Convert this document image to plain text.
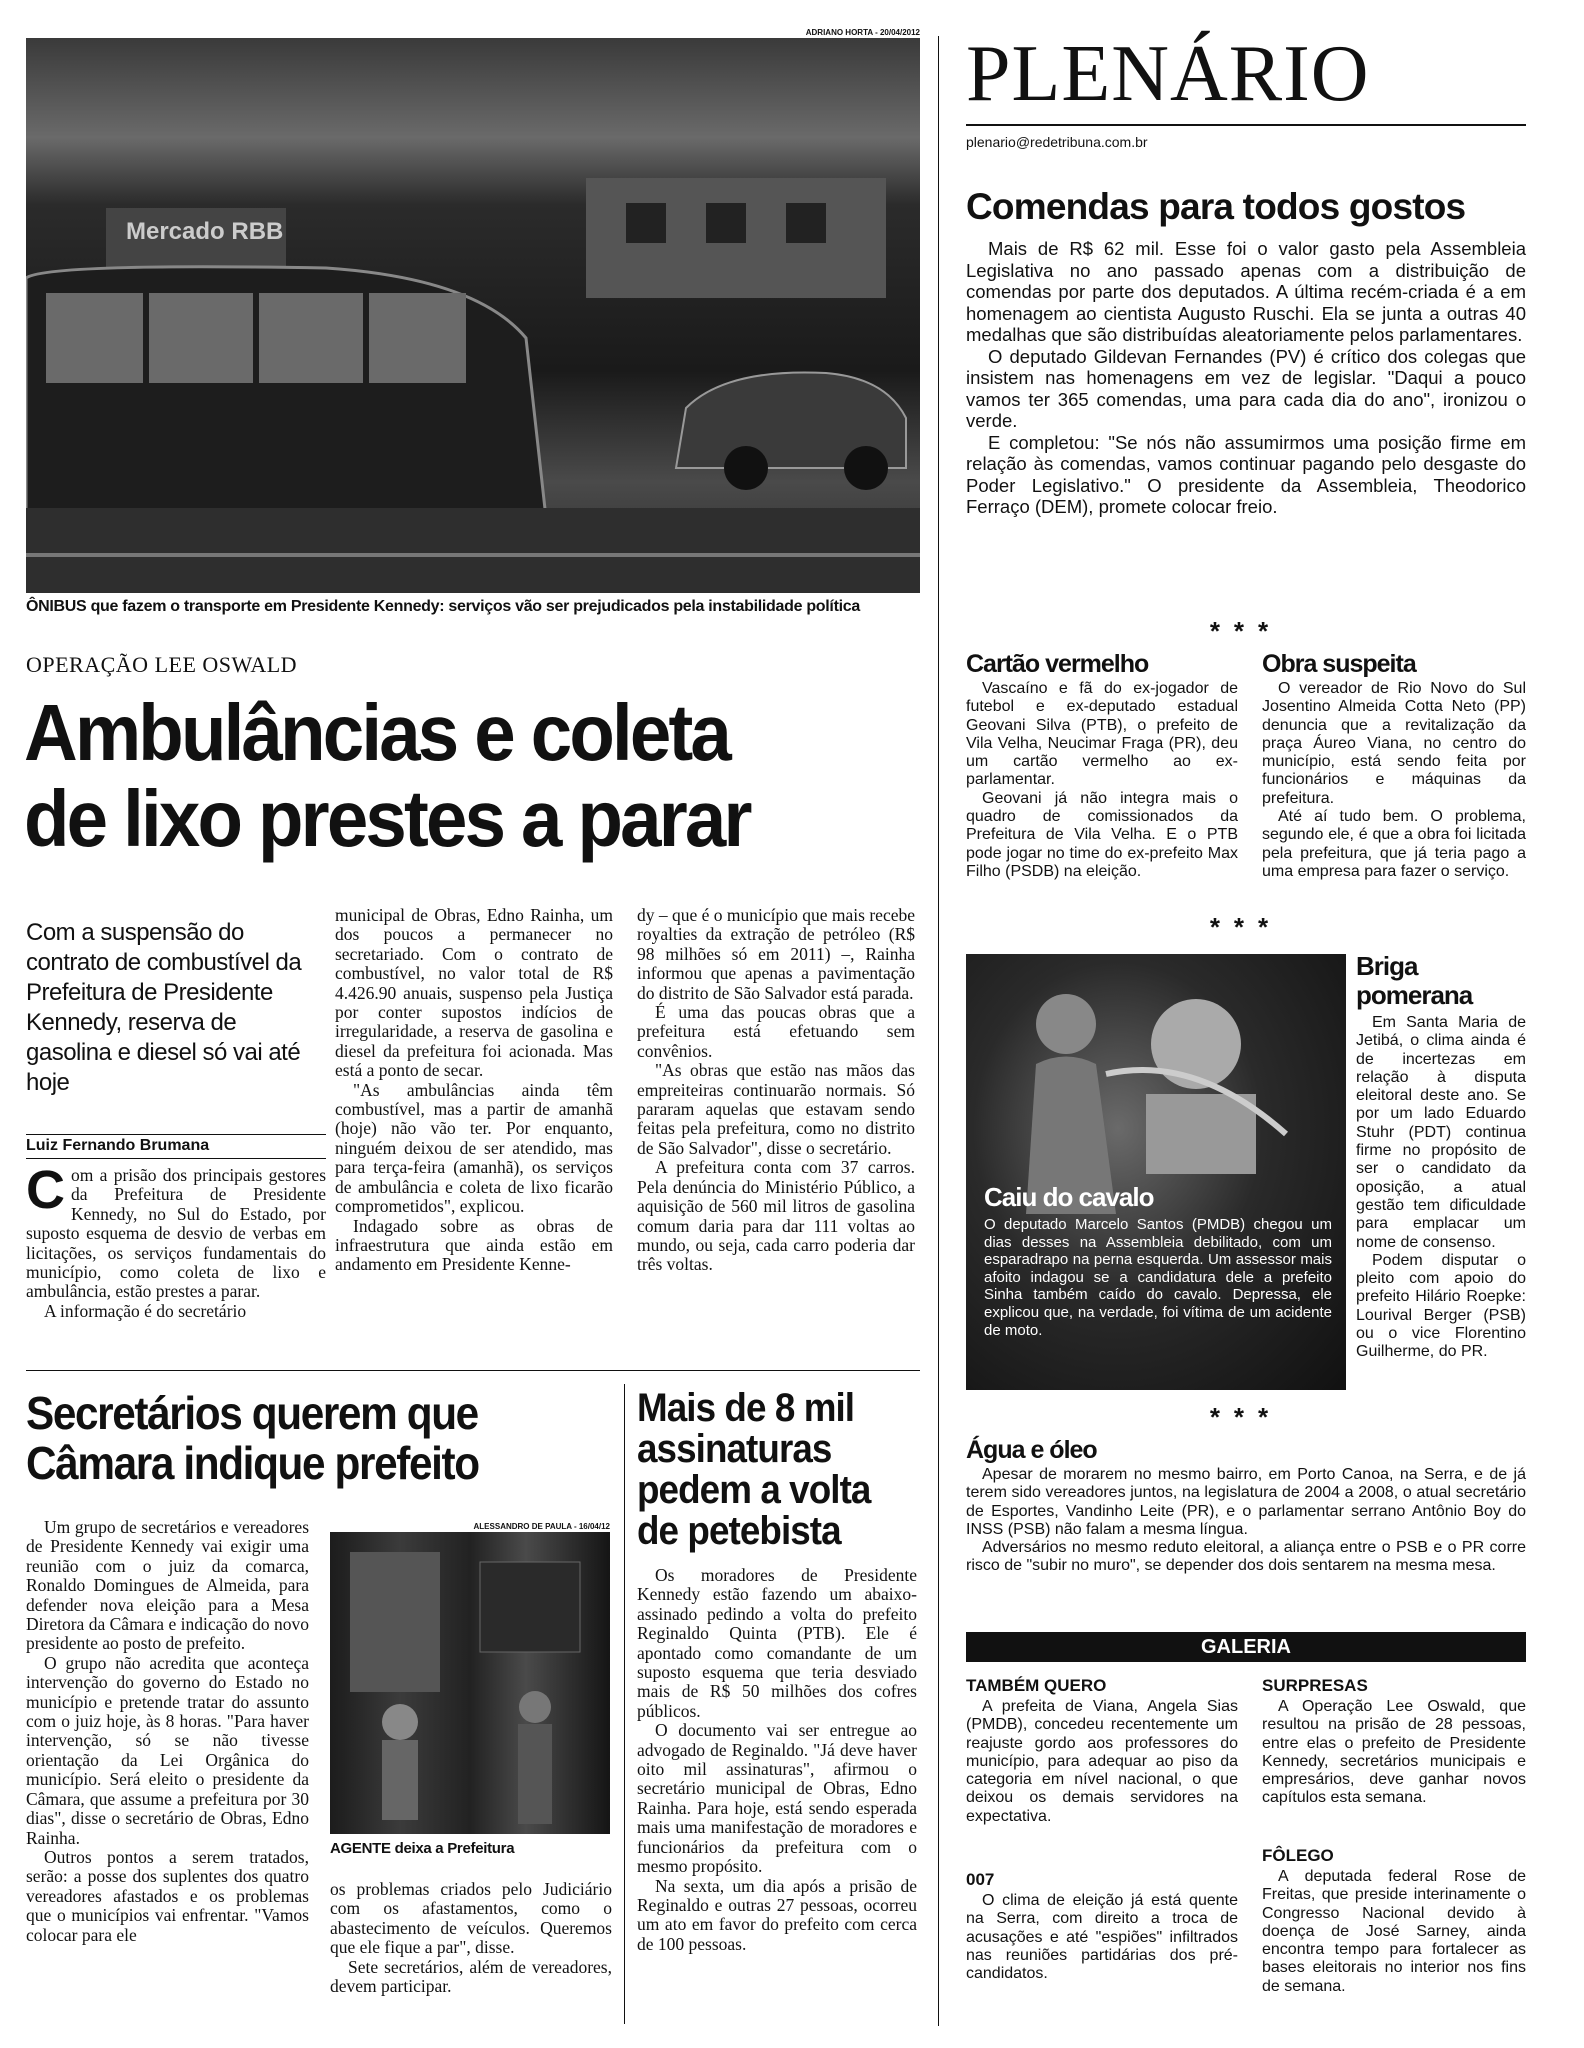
ADRIANO HORTA - 20/04/2012
Mercado RBB
ÔNIBUS que fazem o transporte em Presidente Kennedy: serviços vão ser prejudicados pela instabilidade política
OPERAÇÃO LEE OSWALD
Ambulâncias e coleta
de lixo prestes a parar
Com a suspensão do contrato de combustível da Prefeitura de Presidente Kennedy, reserva de gasolina e diesel só vai até hoje
Luiz Fernando Brumana

Com a prisão dos principais gestores da Prefeitura de Presidente Kennedy, no Sul do Estado, por suposto esquema de desvio de verbas em licitações, os serviços fundamentais do município, como coleta de lixo e ambulância, estão prestes a parar.

A informação é do secretário

municipal de Obras, Edno Rainha, um dos poucos a permanecer no secretariado. Com o contrato de combustível, no valor total de R$ 4.426.90 anuais, suspenso pela Justiça por conter supostos indícios de irregularidade, a reserva de gasolina e diesel da prefeitura foi acionada. Mas está a ponto de secar.

"As ambulâncias ainda têm combustível, mas a partir de amanhã (hoje) não vão ter. Por enquanto, ninguém deixou de ser atendido, mas para terça-feira (amanhã), os serviços de ambulância e coleta de lixo ficarão comprometidos", explicou.

Indagado sobre as obras de infraestrutura que ainda estão em andamento em Presidente Kenne-

dy – que é o município que mais recebe royalties da extração de petróleo (R$ 98 milhões só em 2011) –, Rainha informou que apenas a pavimentação do distrito de São Salvador está parada.

É uma das poucas obras que a prefeitura está efetuando sem convênios.

"As obras que estão nas mãos das empreiteiras continuarão normais. Só pararam aquelas que estavam sendo feitas pela prefeitura, como no distrito de São Salvador", disse o secretário.

A prefeitura conta com 37 carros. Pela denúncia do Ministério Público, a aquisição de 560 mil litros de gasolina comum daria para dar 111 voltas ao mundo, ou seja, cada carro poderia dar três voltas.

Secretários querem que
Câmara indique prefeito

Um grupo de secretários e vereadores de Presidente Kennedy vai exigir uma reunião com o juiz da comarca, Ronaldo Domingues de Almeida, para defender nova eleição para a Mesa Diretora da Câmara e indicação do novo presidente ao posto de prefeito.

O grupo não acredita que aconteça intervenção do governo do Estado no município e pretende tratar do assunto com o juiz hoje, às 8 horas. "Para haver intervenção, só se não tivesse orientação da Lei Orgânica do município. Será eleito o presidente da Câmara, que assume a prefeitura por 30 dias", disse o secretário de Obras, Edno Rainha.

Outros pontos a serem tratados, serão: a posse dos suplentes dos quatro vereadores afastados e os problemas que o municípios vai enfrentar. "Vamos colocar para ele

ALESSANDRO DE PAULA - 16/04/12
AGENTE deixa a Prefeitura

os problemas criados pelo Judiciário com os afastamentos, como o abastecimento de veículos. Queremos que ele fique a par", disse.

Sete secretários, além de vereadores, devem participar.

Mais de 8 mil
assinaturas
pedem a volta
de petebista

Os moradores de Presidente Kennedy estão fazendo um abaixo-assinado pedindo a volta do prefeito Reginaldo Quinta (PTB). Ele é apontado como comandante de um suposto esquema que teria desviado mais de R$ 50 milhões dos cofres públicos.

O documento vai ser entregue ao advogado de Reginaldo. "Já deve haver oito mil assinaturas", afirmou o secretário municipal de Obras, Edno Rainha. Para hoje, está sendo esperada mais uma manifestação de moradores e funcionários da prefeitura com o mesmo propósito.

Na sexta, um dia após a prisão de Reginaldo e outras 27 pessoas, ocorreu um ato em favor do prefeito com cerca de 100 pessoas.

PLENÁRIO
plenario@redetribuna.com.br
Comendas para todos gostos

Mais de R$ 62 mil. Esse foi o valor gasto pela Assembleia Legislativa no ano passado apenas com a distribuição de comendas por parte dos deputados. A última recém-criada é a em homenagem ao cientista Augusto Ruschi. Ela se junta a outras 40 medalhas que são distribuídas aleatoriamente pelos parlamentares.

O deputado Gildevan Fernandes (PV) é crítico dos colegas que insistem nas homenagens em vez de legislar. "Daqui a pouco vamos ter 365 comendas, uma para cada dia do ano", ironizou o verde.

E completou: "Se nós não assumirmos uma posição firme em relação às comendas, vamos continuar pagando pelo desgaste do Poder Legislativo." O presidente da Assembleia, Theodorico Ferraço (DEM), promete colocar freio.

***
Cartão vermelho

Vascaíno e fã do ex-jogador de futebol e ex-deputado estadual Geovani Silva (PTB), o prefeito de Vila Velha, Neucimar Fraga (PR), deu um cartão vermelho ao ex-parlamentar.

Geovani já não integra mais o quadro de comissionados da Prefeitura de Vila Velha. E o PTB pode jogar no time do ex-prefeito Max Filho (PSDB) na eleição.

Obra suspeita

O vereador de Rio Novo do Sul Josentino Almeida Cotta Neto (PP) denuncia que a revitalização da praça Áureo Viana, no centro do município, está sendo feita por funcionários e máquinas da prefeitura.

Até aí tudo bem. O problema, segundo ele, é que a obra foi licitada pela prefeitura, que já teria pago a uma empresa para fazer o serviço.

***
Caiu do cavalo
O deputado Marcelo Santos (PMDB) chegou um dias desses na Assembleia debilitado, com um esparadrapo na perna esquerda. Um assessor mais afoito indagou se a candidatura dele a prefeito Sinha também caído do cavalo. Depressa, ele explicou que, na verdade, foi vítima de um acidente de moto.
Briga pomerana

Em Santa Maria de Jetibá, o clima ainda é de incertezas em relação à disputa eleitoral deste ano. Se por um lado Eduardo Stuhr (PDT) continua firme no propósito de ser o candidato da oposição, a atual gestão tem dificuldade para emplacar um nome de consenso.

Podem disputar o pleito com apoio do prefeito Hilário Roepke: Lourival Berger (PSB) ou o vice Florentino Guilherme, do PR.

***
Água e óleo

Apesar de morarem no mesmo bairro, em Porto Canoa, na Serra, e de já terem sido vereadores juntos, na legislatura de 2004 a 2008, o atual secretário de Esportes, Vandinho Leite (PR), e o parlamentar serrano Antônio Boy do INSS (PSB) não falam a mesma língua.

Adversários no mesmo reduto eleitoral, a aliança entre o PSB e o PR corre risco de "subir no muro", se depender dos dois sentarem na mesma mesa.

GALERIA
TAMBÉM QUERO

A prefeita de Viana, Angela Sias (PMDB), concedeu recentemente um reajuste gordo aos professores do município, para adequar ao piso da categoria em nível nacional, o que deixou os demais servidores na expectativa.

007

O clima de eleição já está quente na Serra, com direito a troca de acusações e até "espiões" infiltrados nas reuniões partidárias dos pré-candidatos.

SURPRESAS

A Operação Lee Oswald, que resultou na prisão de 28 pessoas, entre elas o prefeito de Presidente Kennedy, secretários municipais e empresários, deve ganhar novos capítulos esta semana.

FÔLEGO

A deputada federal Rose de Freitas, que preside interinamente o Congresso Nacional devido à doença de José Sarney, ainda encontra tempo para fortalecer as bases eleitorais no interior nos fins de semana.
